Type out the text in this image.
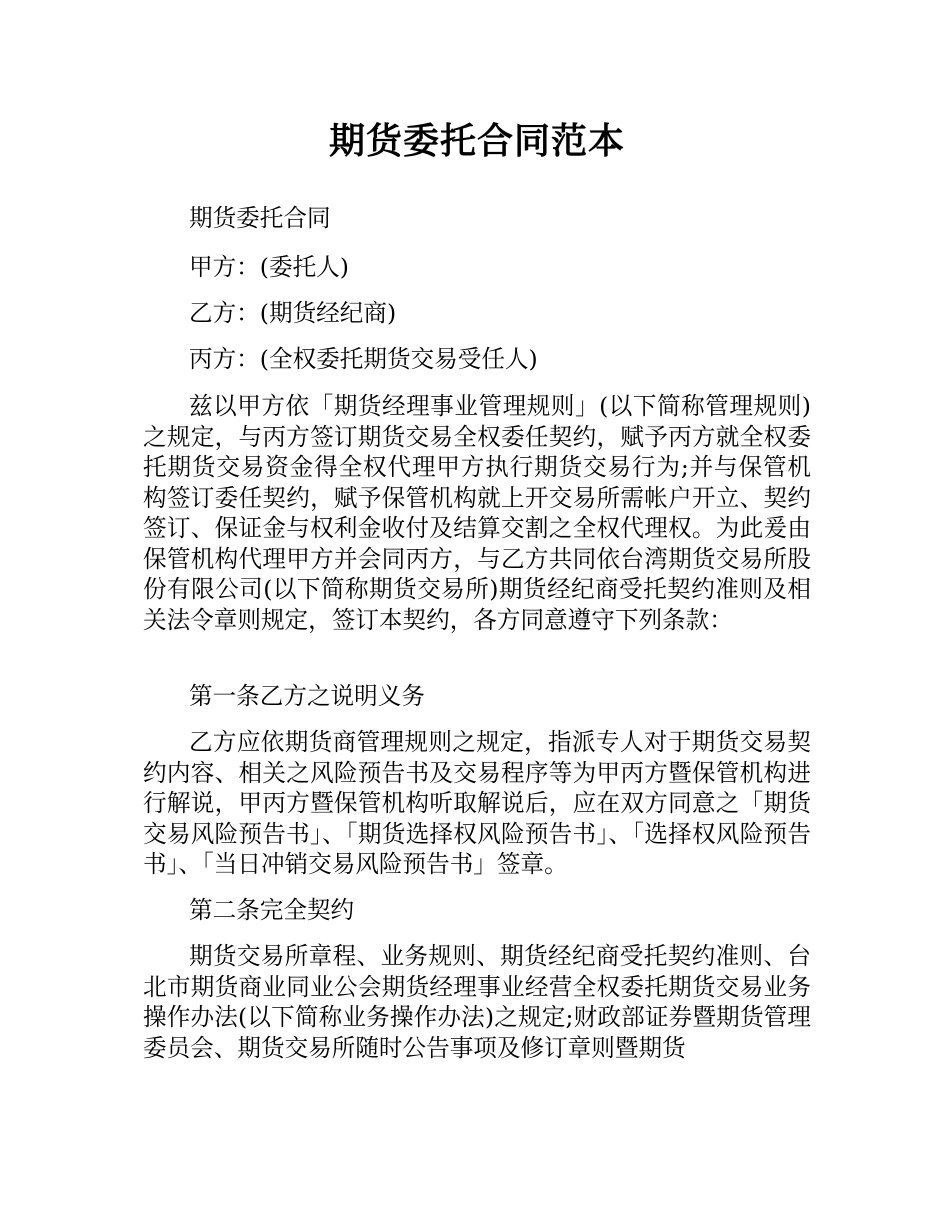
期货委托合同范本

期货委托合同

甲方：(委托人)

乙方：(期货经纪商)

丙方：(全权委托期货交易受任人)

兹以甲方依「期货经理事业管理规则」(以下简称管理规则)之规定，与丙方签订期货交易全权委任契约，赋予丙方就全权委托期货交易资金得全权代理甲方执行期货交易行为;并与保管机构签订委任契约，赋予保管机构就上开交易所需帐户开立、契约签订、保证金与权利金收付及结算交割之全权代理权。为此爰由保管机构代理甲方并会同丙方，与乙方共同依台湾期货交易所股份有限公司(以下简称期货交易所)期货经纪商受托契约准则及相关法令章则规定，签订本契约，各方同意遵守下列条款：

第一条乙方之说明义务

乙方应依期货商管理规则之规定，指派专人对于期货交易契约内容、相关之风险预告书及交易程序等为甲丙方暨保管机构进行解说，甲丙方暨保管机构听取解说后，应在双方同意之「期货交易风险预告书」、「期货选择权风险预告书」、「选择权风险预告书」、「当日冲销交易风险预告书」签章。

第二条完全契约

期货交易所章程、业务规则、期货经纪商受托契约准则、台北市期货商业同业公会期货经理事业经营全权委托期货交易业务操作办法(以下简称业务操作办法)之规定;财政部证券暨期货管理委员会、期货交易所随时公告事项及修订章则暨期货
